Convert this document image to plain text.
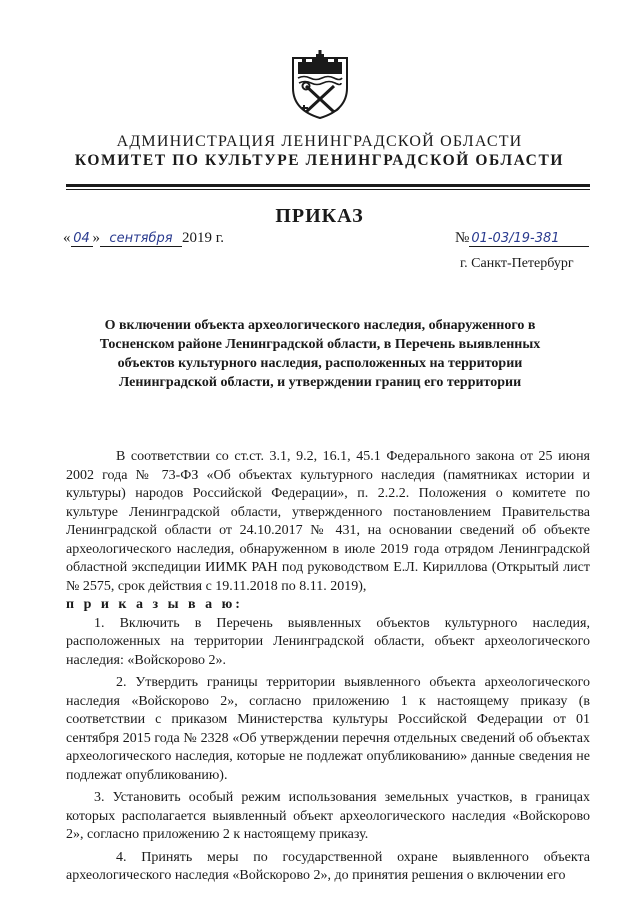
АДМИНИСТРАЦИЯ ЛЕНИНГРАДСКОЙ ОБЛАСТИ
КОМИТЕТ ПО КУЛЬТУРЕ ЛЕНИНГРАДСКОЙ ОБЛАСТИ
ПРИКАЗ
« 04 » сентября 2019 г.	№ 01-03/19-381
г. Санкт-Петербург
О включении объекта археологического наследия, обнаруженного в
Тосненском районе Ленинградской области, в Перечень выявленных
объектов культурного наследия, расположенных на территории
Ленинградской области, и утверждении границ его территории

В соответствии со ст.ст. 3.1, 9.2, 16.1, 45.1 Федерального закона от 25 июня 2002 года № 73-ФЗ «Об объектах культурного наследия (памятниках истории и культуры) народов Российской Федерации», п. 2.2.2. Положения о комитете по культуре Ленинградской области, утвержденного постановлением Правительства Ленинградской области от 24.10.2017 № 431, на основании сведений об объекте археологического наследия, обнаруженном в июле 2019 года отрядом Ленинградской областной экспедиции ИИМК РАН под руководством Е.Л. Кириллова (Открытый лист № 2575, срок действия с 19.11.2018 по 8.11. 2019),

п р и к а з ы в а ю:

1. Включить в Перечень выявленных объектов культурного наследия, расположенных на территории Ленинградской области, объект археологического наследия: «Войскорово 2».

2. Утвердить границы территории выявленного объекта археологического наследия «Войскорово 2», согласно приложению 1 к настоящему приказу (в соответствии с приказом Министерства культуры Российской Федерации от 01 сентября 2015 года № 2328 «Об утверждении перечня отдельных сведений об объектах археологического наследия, которые не подлежат опубликованию» данные сведения не подлежат опубликованию).

3. Установить особый режим использования земельных участков, в границах которых располагается выявленный объект археологического наследия «Войскорово 2», согласно приложению 2 к настоящему приказу.

4. Принять меры по государственной охране выявленного объекта археологического наследия «Войскорово 2», до принятия решения о включении его
